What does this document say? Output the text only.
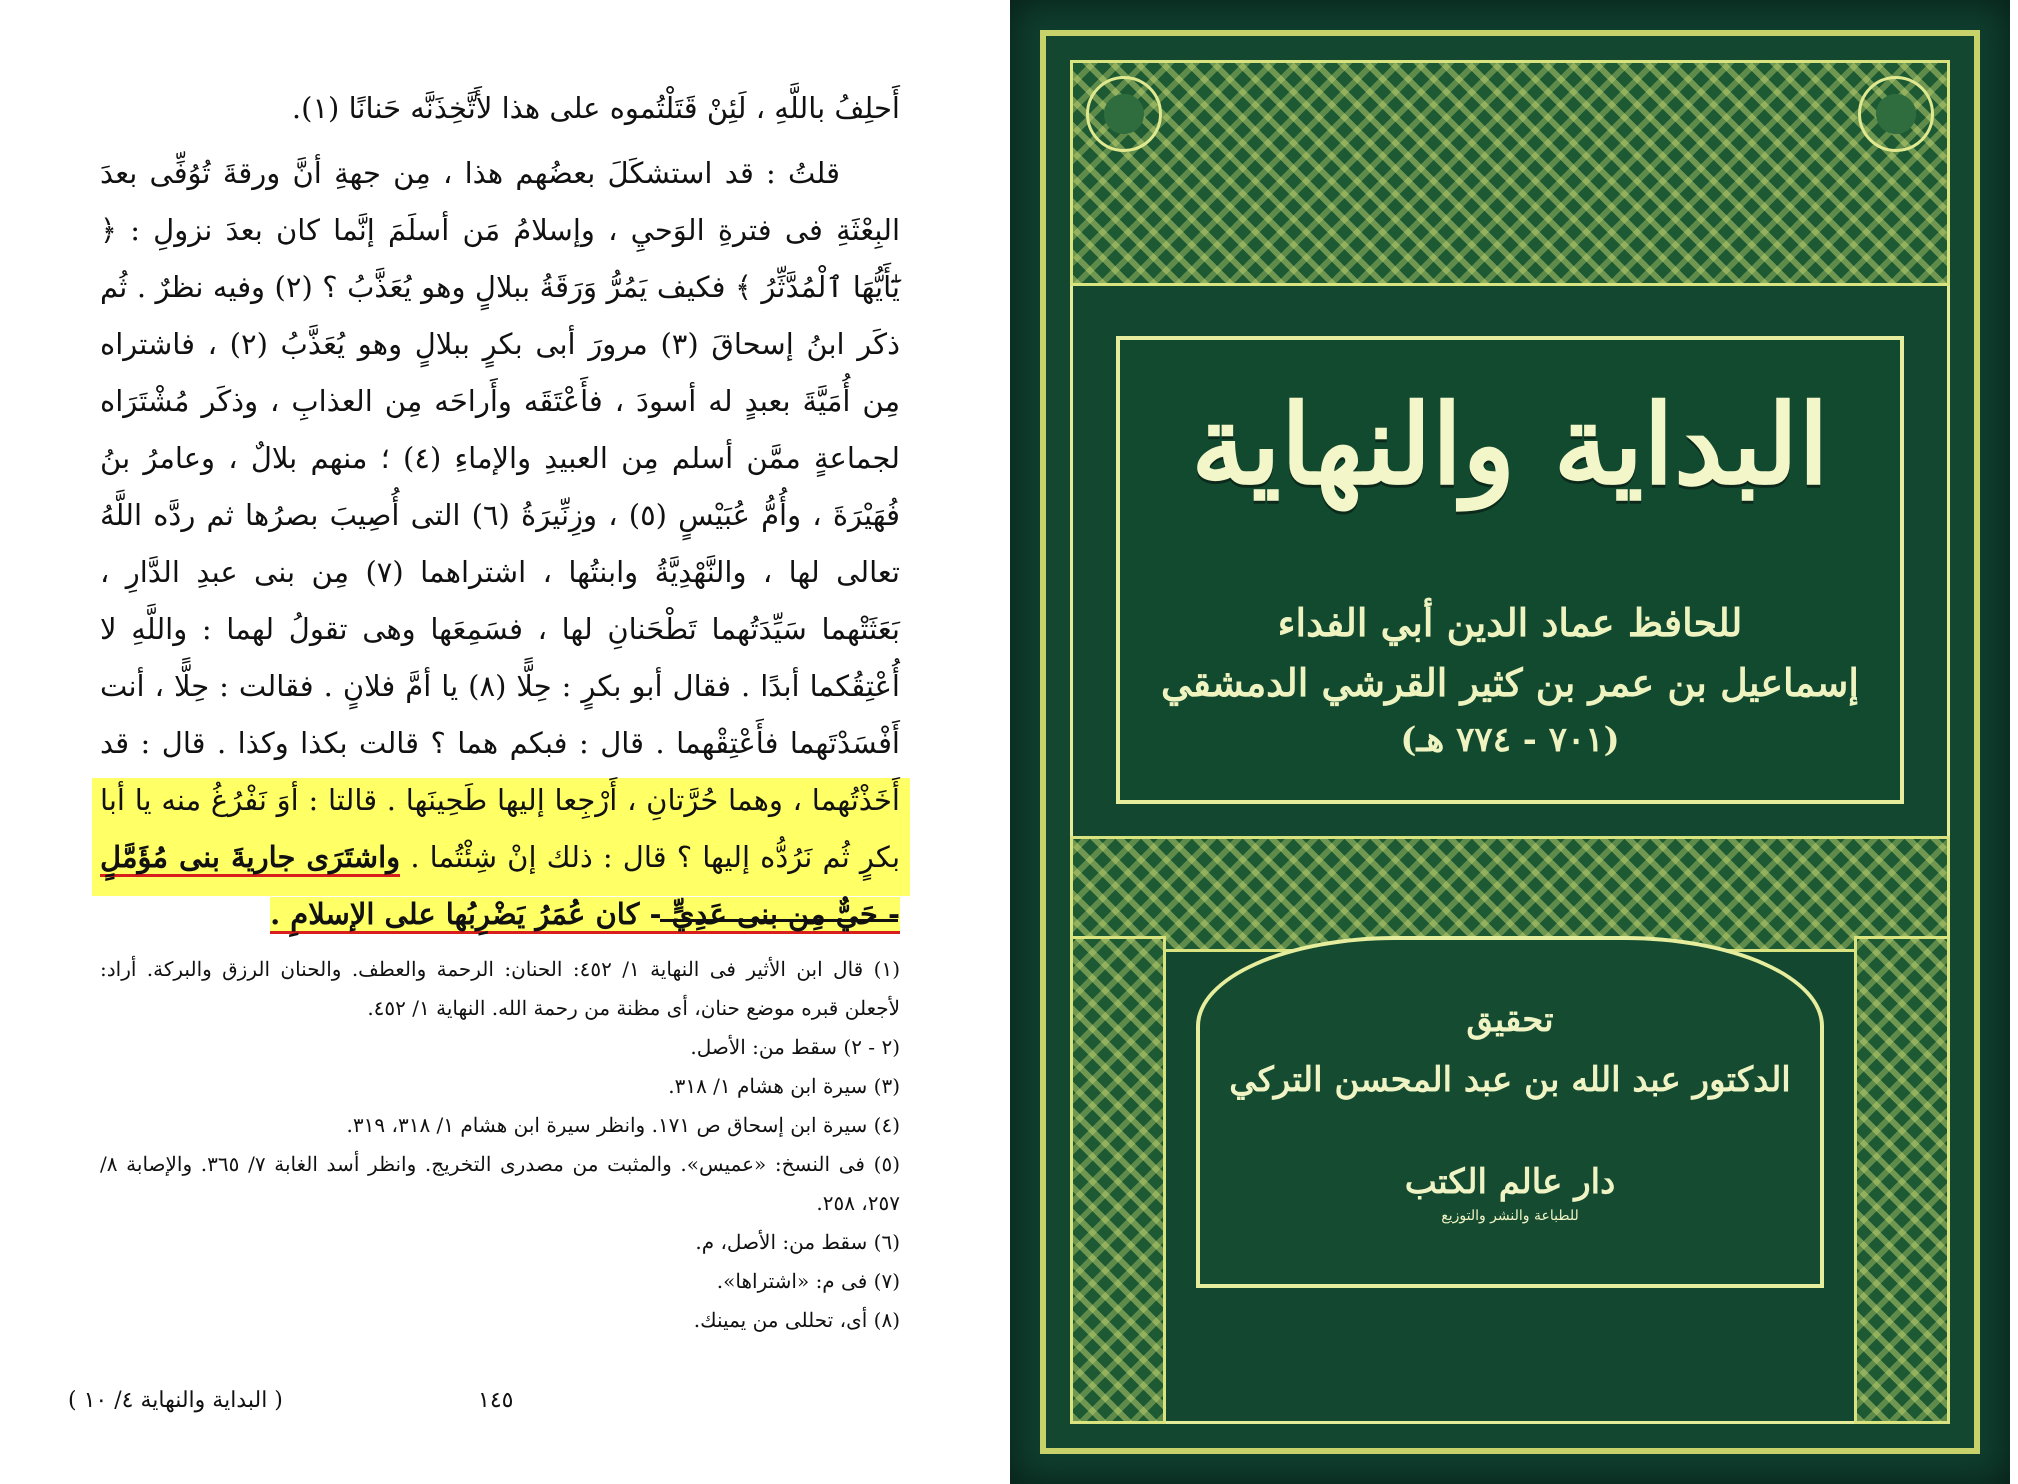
أَحلِفُ باللَّهِ ، لَئِنْ قَتَلْتُموه على هذا لأَتَّخِذَنَّه حَنانًا (١).

قلتُ : قد استشكَلَ بعضُهم هذا ، مِن جهةِ أنَّ ورقةَ تُوُفِّى بعدَ البِعْثَةِ فى فترةِ الوَحيِ ، وإسلامُ مَن أسلَمَ إنَّما كان بعدَ نزولِ : ﴿ يَٰٓأَيُّهَا ٱلْمُدَّثِّرُ ﴾ فكيف يَمُرُّ وَرَقَةُ ببلالٍ وهو يُعَذَّبُ ؟ (٢) وفيه نظرٌ . ثُم ذكَر ابنُ إسحاقَ (٣) مرورَ أبى بكرٍ ببلالٍ وهو يُعَذَّبُ (٢) ، فاشتراه مِن أُمَيَّةَ بعبدٍ له أسودَ ، فأَعْتَقَه وأَراحَه مِن العذابِ ، وذكَر مُشْتَرَاه لجماعةٍ ممَّن أسلم مِن العبيدِ والإماءِ (٤) ؛ منهم بلالٌ ، وعامرُ بنُ فُهَيْرَةَ ، وأُمُّ عُبَيْسٍ (٥) ، وزِنِّيرَةُ (٦) التى أُصِيبَ بصرُها ثم ردَّه اللَّهُ تعالى لها ، والنَّهْدِيَّةُ وابنتُها ، اشتراهما (٧) مِن بنى عبدِ الدَّارِ ، بَعَثَتْهما سَيِّدَتُهما تَطْحَنانِ لها ، فسَمِعَها وهى تقولُ لهما : واللَّهِ لا أُعْتِقُكما أبدًا . فقال أبو بكرٍ : حِلًّا (٨) يا أمَّ فلانٍ . فقالت : حِلًّا ، أنت أَفْسَدْتَهما فأَعْتِقْهما . قال : فبكم هما ؟ قالت بكذا وكذا . قال : قد أَخَذْتُهما ، وهما حُرَّتانِ ، أَرْجِعا إليها طَحِينَها . قالتا : أوَ نَفْرُغُ منه يا أبا بكرٍ ثُم نَرُدُّه إليها ؟ قال : ذلك إنْ شِئْتُما . واشتَرَى جاريةَ بنى مُؤَمَّلٍ - حَيٌّ مِن بنى عَدِيٍّ - كان عُمَرُ يَضْرِبُها على الإسلامِ .

(١) قال ابن الأثير فى النهاية ١/ ٤٥٢: الحنان: الرحمة والعطف. والحنان الرزق والبركة. أراد: لأجعلن قبره موضع حنان، أى مظنة من رحمة الله. النهاية ١/ ٤٥٢.

(٢ - ٢) سقط من: الأصل.

(٣) سيرة ابن هشام ١/ ٣١٨.

(٤) سيرة ابن إسحاق ص ١٧١. وانظر سيرة ابن هشام ١/ ٣١٨، ٣١٩.

(٥) فى النسخ: «عميس». والمثبت من مصدرى التخريج. وانظر أسد الغابة ٧/ ٣٦٥. والإصابة ٨/ ٢٥٧، ٢٥٨.

(٦) سقط من: الأصل، م.

(٧) فى م: «اشتراها».

(٨) أى، تحللى من يمينك.

١٤٥
( البداية والنهاية ٤/ ١٠ )
البداية والنهاية
للحافظ عماد الدين أبي الفداء
إسماعيل بن عمر بن كثير القرشي الدمشقي
(٧٠١ - ٧٧٤ هـ)
تحقيق
الدكتور عبد الله بن عبد المحسن التركي
دار عالم الكتب
للطباعة والنشر والتوزيع
